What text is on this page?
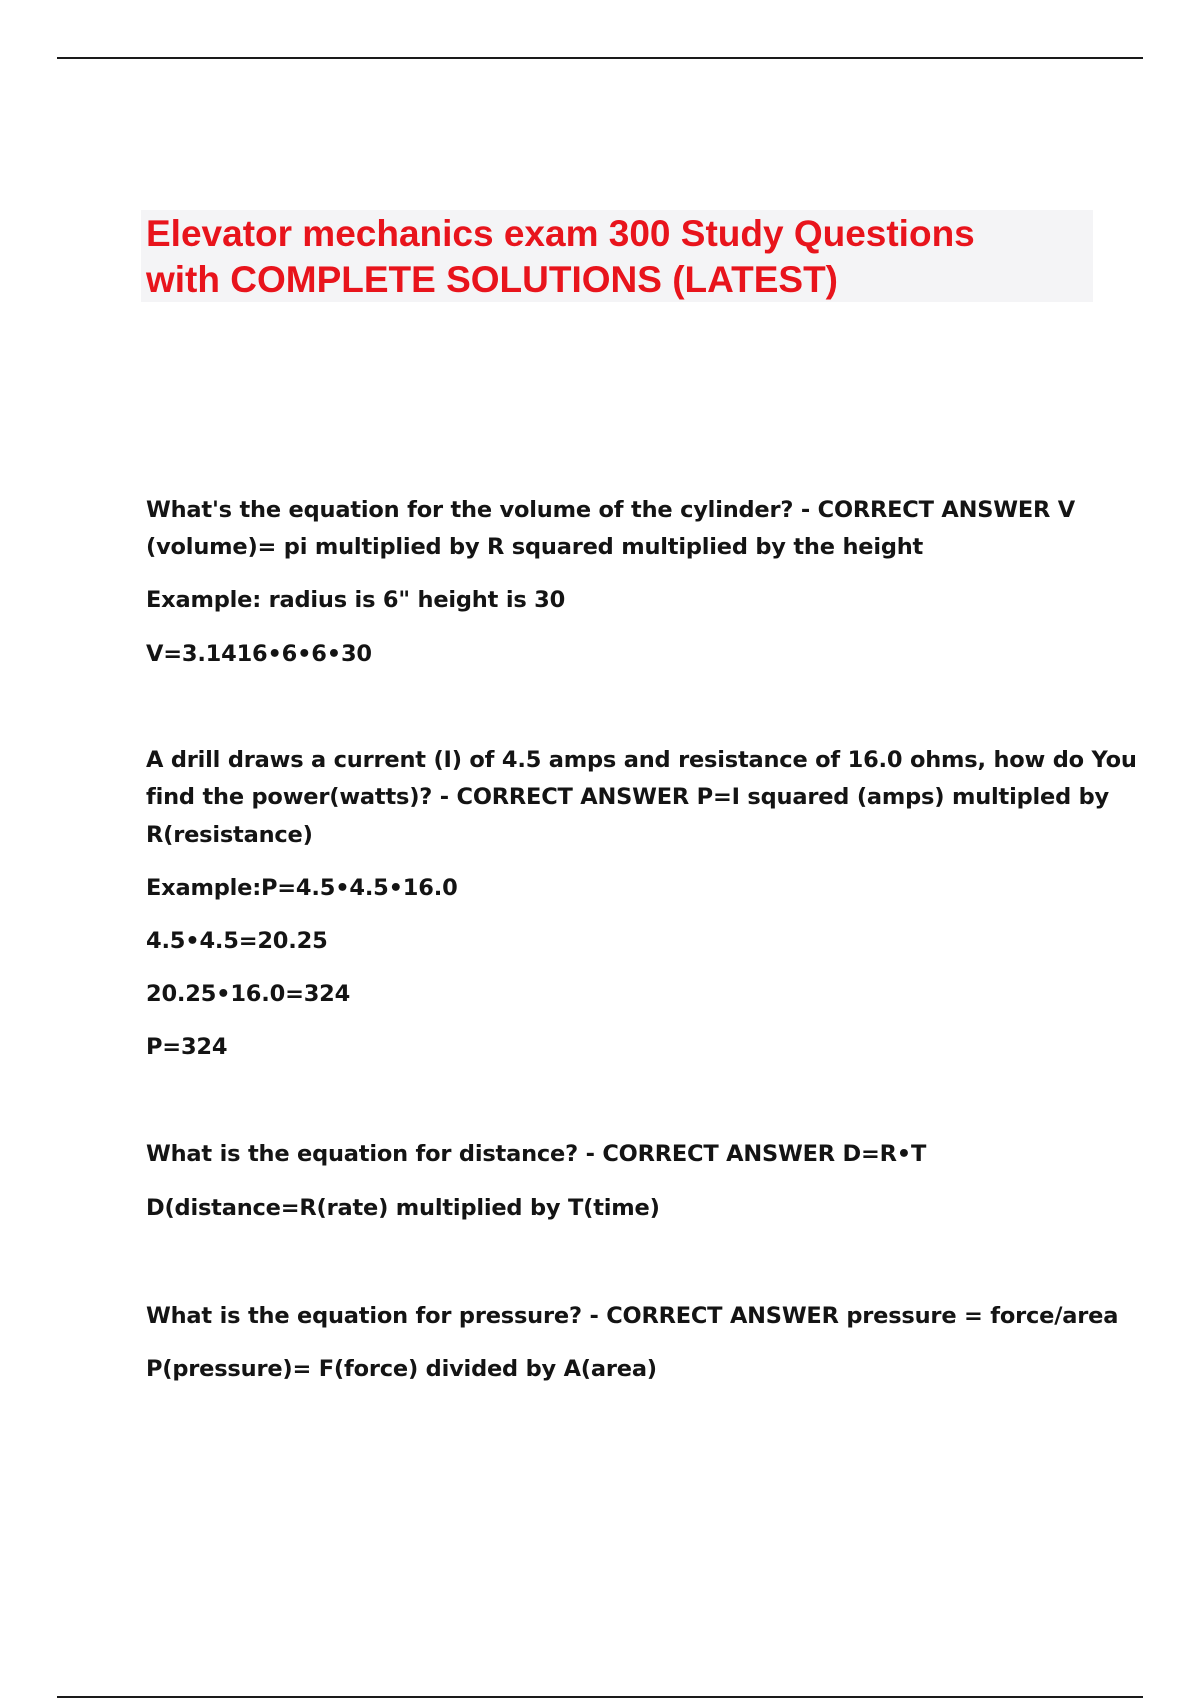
Elevator mechanics exam 300 Study Questions
with COMPLETE SOLUTIONS (LATEST)

What's the equation for the volume of the cylinder? - CORRECT ANSWER V

(volume)= pi multiplied by R squared multiplied by the height

Example: radius is 6" height is 30

V=3.1416•6•6•30

A drill draws a current (I) of 4.5 amps and resistance of 16.0 ohms, how do You

find the power(watts)? - CORRECT ANSWER P=I squared (amps) multipled by

R(resistance)

Example:P=4.5•4.5•16.0

4.5•4.5=20.25

20.25•16.0=324

P=324

What is the equation for distance? - CORRECT ANSWER D=R•T

D(distance=R(rate) multiplied by T(time)

What is the equation for pressure? - CORRECT ANSWER pressure = force/area

P(pressure)= F(force) divided by A(area)
